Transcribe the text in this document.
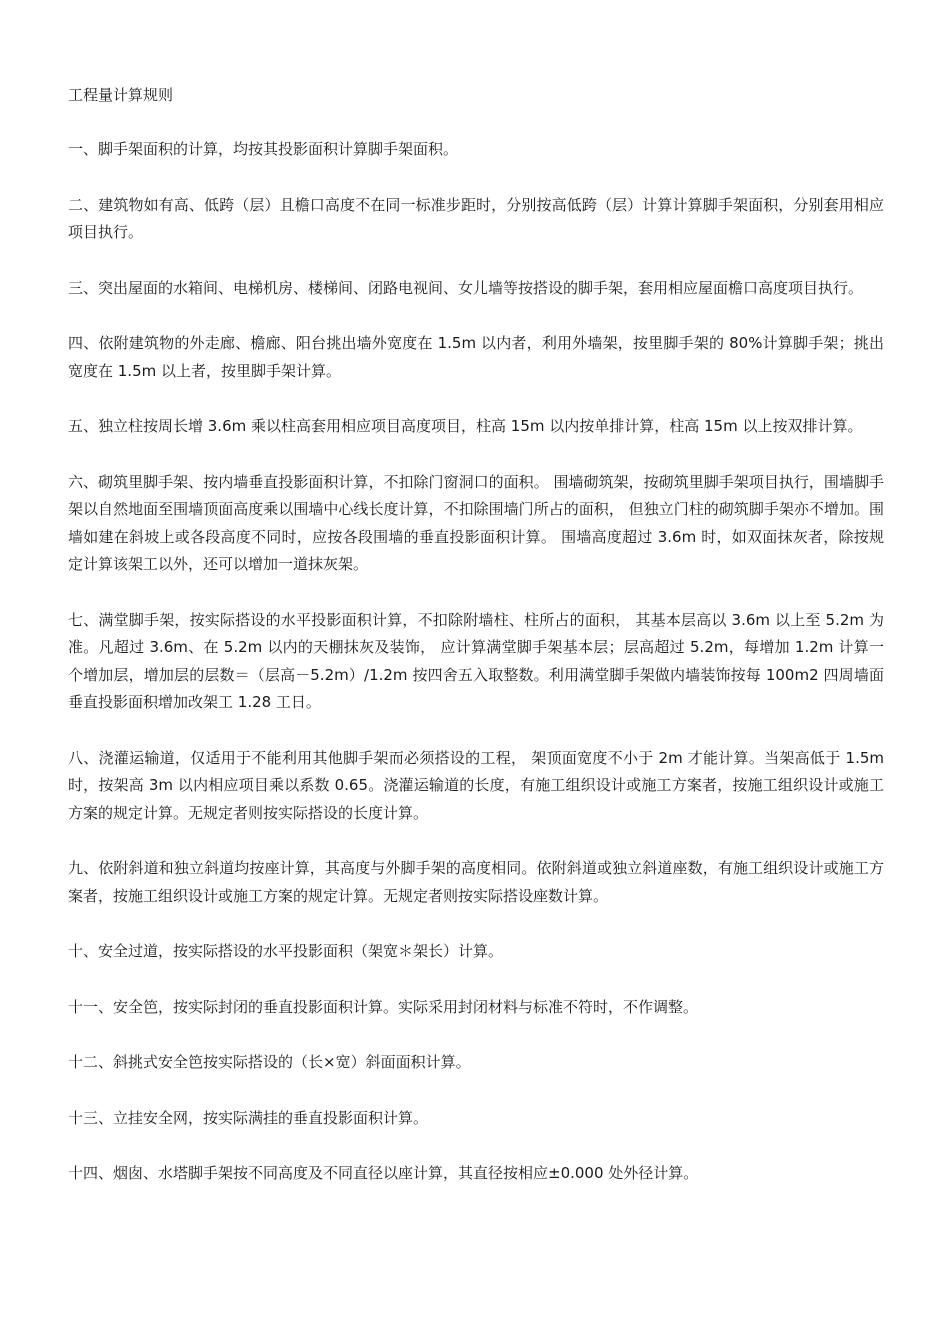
工程量计算规则

一、脚手架面积的计算，均按其投影面积计算脚手架面积。

二、建筑物如有高、低跨（层）且檐口高度不在同一标准步距时，分别按高低跨（层）计算计算脚手架面积，分别套用相应项目执行。

三、突出屋面的水箱间、电梯机房、楼梯间、闭路电视间、女儿墙等按搭设的脚手架，套用相应屋面檐口高度项目执行。

四、依附建筑物的外走廊、檐廊、阳台挑出墙外宽度在 1.5m 以内者，利用外墙架，按里脚手架的 80%计算脚手架；挑出宽度在 1.5m 以上者，按里脚手架计算。

五、独立柱按周长增 3.6m 乘以柱高套用相应项目高度项目，柱高 15m 以内按单排计算，柱高 15m 以上按双排计算。

六、砌筑里脚手架、按内墙垂直投影面积计算，不扣除门窗洞口的面积。 围墙砌筑架，按砌筑里脚手架项目执行，围墙脚手架以自然地面至围墙顶面高度乘以围墙中心线长度计算，不扣除围墙门所占的面积， 但独立门柱的砌筑脚手架亦不增加。围墙如建在斜坡上或各段高度不同时，应按各段围墙的垂直投影面积计算。 围墙高度超过 3.6m 时，如双面抹灰者，除按规定计算该架工以外，还可以增加一道抹灰架。

七、满堂脚手架，按实际搭设的水平投影面积计算，不扣除附墙柱、柱所占的面积， 其基本层高以 3.6m 以上至 5.2m 为准。凡超过 3.6m、在 5.2m 以内的天棚抹灰及装饰， 应计算满堂脚手架基本层；层高超过 5.2m，每增加 1.2m 计算一个增加层，增加层的层数＝（层高－5.2m）/1.2m 按四舍五入取整数。利用满堂脚手架做内墙装饰按每 100m2 四周墙面垂直投影面积增加改架工 1.28 工日。

八、浇灌运输道，仅适用于不能利用其他脚手架而必须搭设的工程， 架顶面宽度不小于 2m 才能计算。当架高低于 1.5m 时，按架高 3m 以内相应项目乘以系数 0.65。浇灌运输道的长度，有施工组织设计或施工方案者，按施工组织设计或施工方案的规定计算。无规定者则按实际搭设的长度计算。

九、依附斜道和独立斜道均按座计算，其高度与外脚手架的高度相同。依附斜道或独立斜道座数，有施工组织设计或施工方案者，按施工组织设计或施工方案的规定计算。无规定者则按实际搭设座数计算。

十、安全过道，按实际搭设的水平投影面积（架宽＊架长）计算。

十一、安全笆，按实际封闭的垂直投影面积计算。实际采用封闭材料与标准不符时，不作调整。

十二、斜挑式安全笆按实际搭设的（长×宽）斜面面积计算。

十三、立挂安全网，按实际满挂的垂直投影面积计算。

十四、烟囱、水塔脚手架按不同高度及不同直径以座计算，其直径按相应±0.000 处外径计算。
